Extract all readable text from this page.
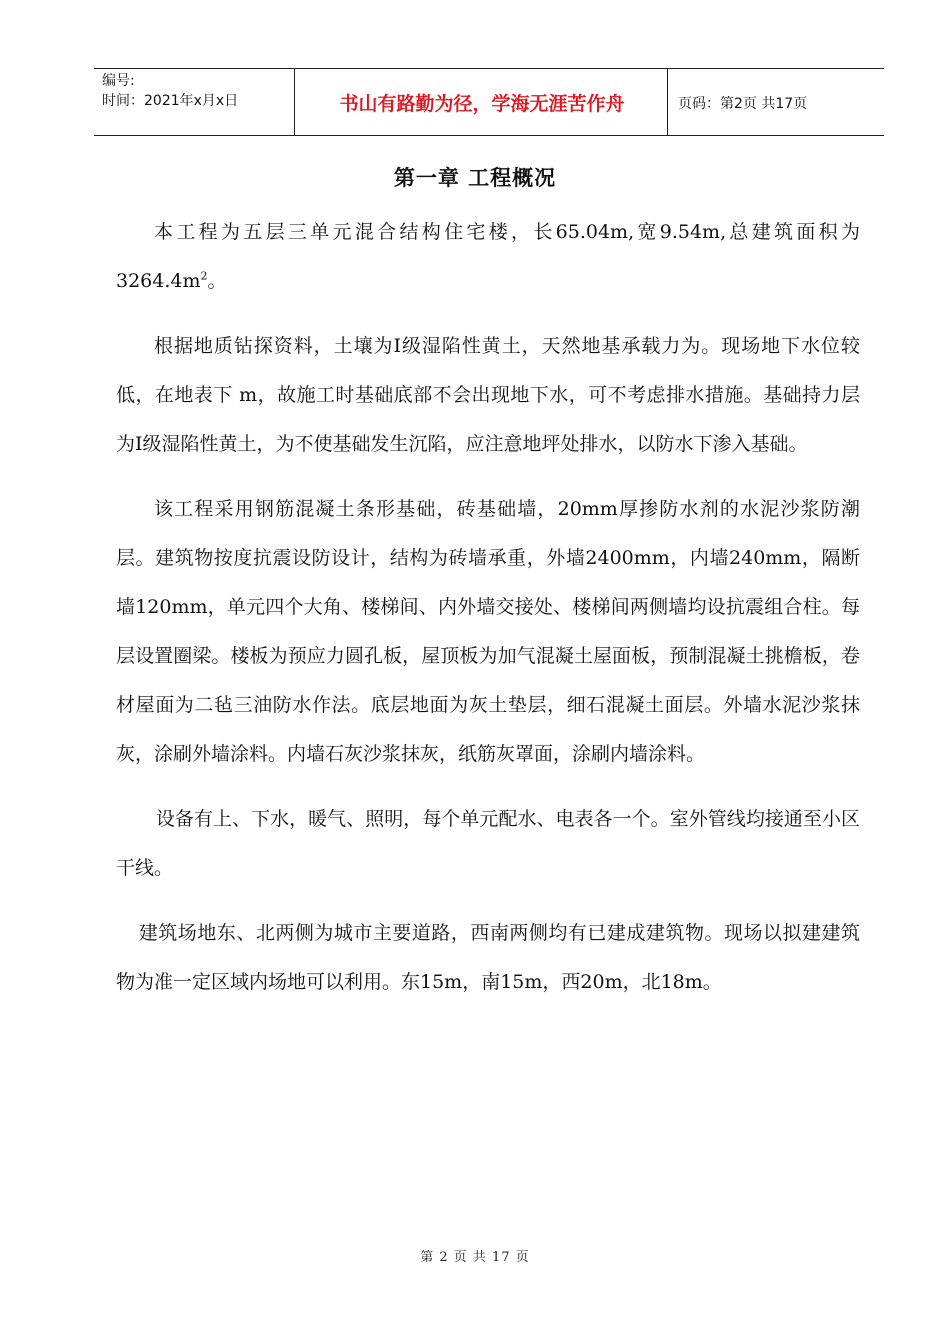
编号:
时间：2021年x月x日	书山有路勤为径，学海无涯苦作舟	页码：第2页 共17页
第一章 工程概况

本工程为五层三单元混合结构住宅楼，长65.04m,宽9.54m,总建筑面积为$3264.4m^2$。

根据地质钻探资料，土壤为Ⅰ级湿陷性黄土，天然地基承载力为。现场地下水位较低，在地表下 m，故施工时基础底部不会出现地下水，可不考虑排水措施。基础持力层为Ⅰ级湿陷性黄土，为不使基础发生沉陷，应注意地坪处排水，以防水下渗入基础。

该工程采用钢筋混凝土条形基础，砖基础墙，20mm厚掺防水剂的水泥沙浆防潮层。建筑物按度抗震设防设计，结构为砖墙承重，外墙2400mm，内墙240mm，隔断墙120mm，单元四个大角、楼梯间、内外墙交接处、楼梯间两侧墙均设抗震组合柱。每层设置圈梁。楼板为预应力圆孔板，屋顶板为加气混凝土屋面板，预制混凝土挑檐板，卷材屋面为二毡三油防水作法。底层地面为灰土垫层，细石混凝土面层。外墙水泥沙浆抹灰，涂刷外墙涂料。内墙石灰沙浆抹灰，纸筋灰罩面，涂刷内墙涂料。

设备有上、下水，暖气、照明，每个单元配水、电表各一个。室外管线均接通至小区干线。

建筑场地东、北两侧为城市主要道路，西南两侧均有已建成建筑物。现场以拟建建筑物为准一定区域内场地可以利用。东15m，南15m，西20m，北18m。

第 2 页 共 17 页
